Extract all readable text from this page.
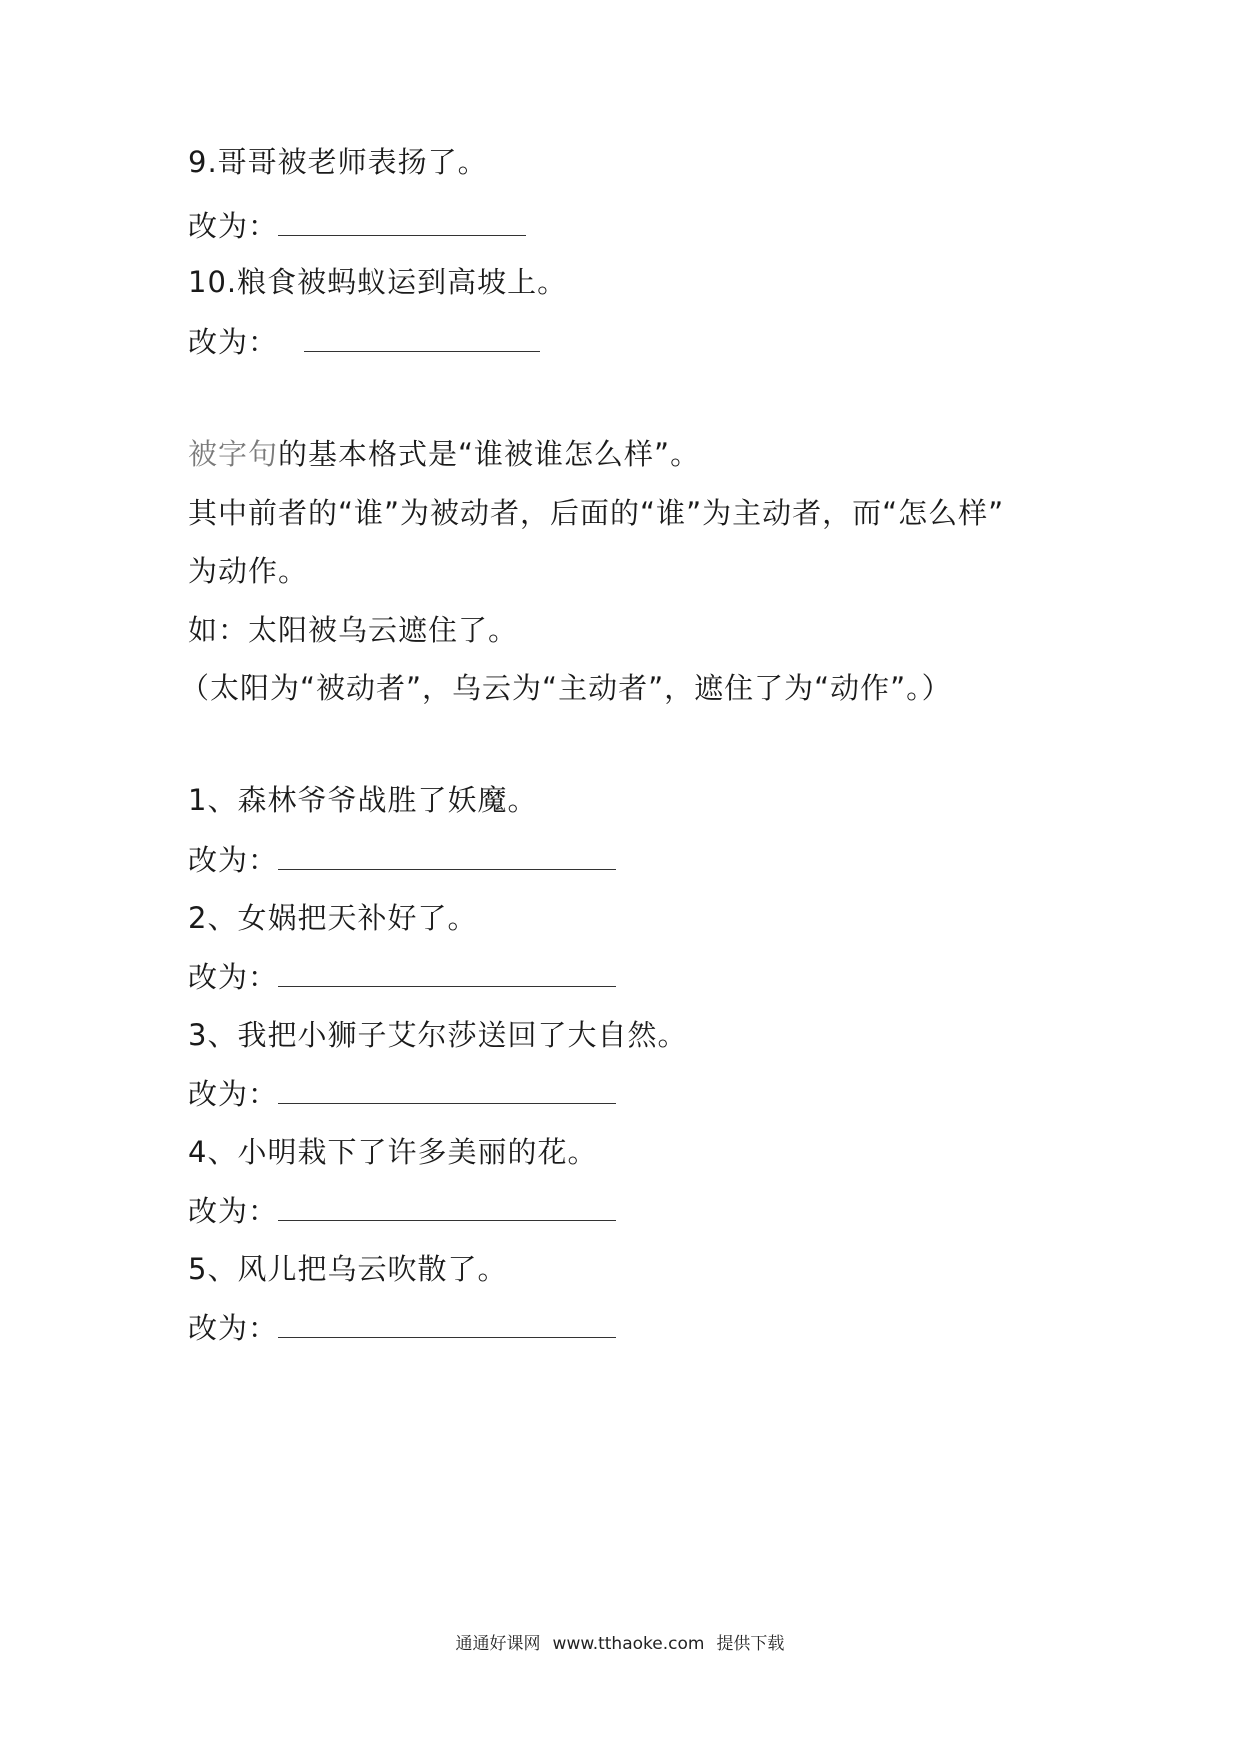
9.哥哥被老师表扬了。
改为：
10.粮食被蚂蚁运到高坡上。
改为：
被字句的基本格式是“谁被谁怎么样”。
其中前者的“谁”为被动者，后面的“谁”为主动者，而“怎么样”
为动作。
如：太阳被乌云遮住了。
（太阳为“被动者”，乌云为“主动者”，遮住了为“动作”。）
1、森林爷爷战胜了妖魔。
改为：
2、女娲把天补好了。
改为：
3、我把小狮子艾尔莎送回了大自然。
改为：
4、小明栽下了许多美丽的花。
改为：
5、风儿把乌云吹散了。
改为：
通通好课网 www.tthaoke.com 提供下载
